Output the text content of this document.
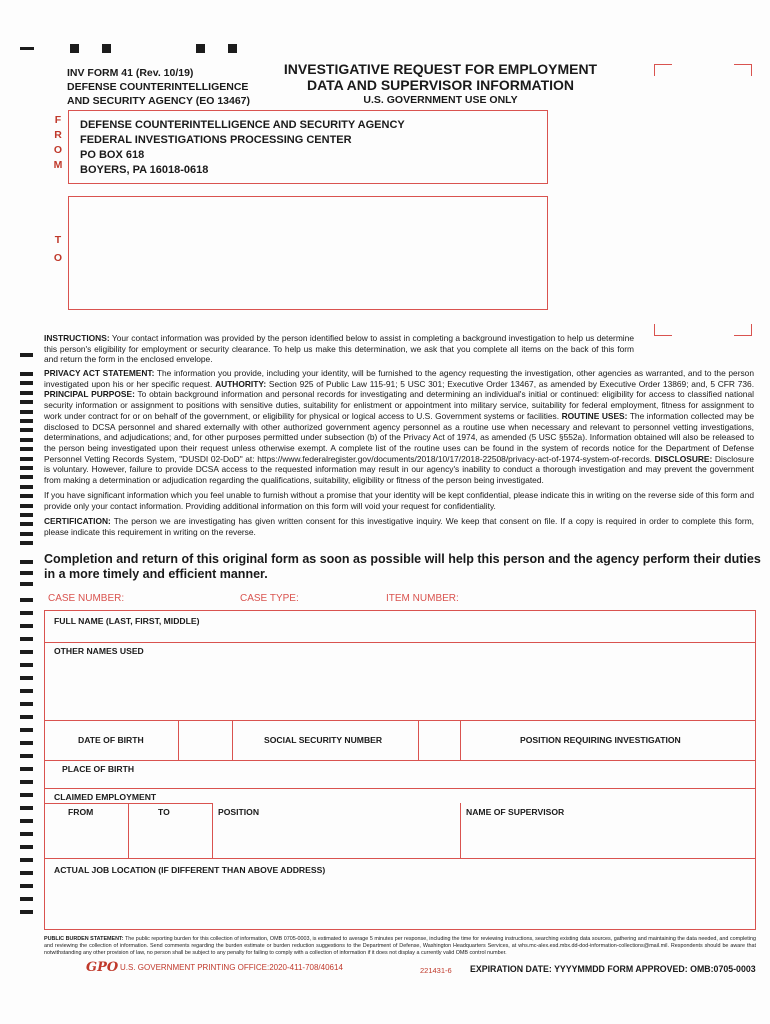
INV FORM 41 (Rev. 10/19)
DEFENSE COUNTERINTELLIGENCE
AND SECURITY AGENCY (EO 13467)
INVESTIGATIVE REQUEST FOR EMPLOYMENT
DATA AND SUPERVISOR INFORMATION
U.S. GOVERNMENT USE ONLY
F
R
O
M
DEFENSE COUNTERINTELLIGENCE AND SECURITY AGENCY
FEDERAL INVESTIGATIONS PROCESSING CENTER
PO BOX 618
BOYERS, PA 16018-0618
T
O
INSTRUCTIONS: Your contact information was provided by the person identified below to assist in completing a background investigation to help us determine this person's eligibility for employment or security clearance. To help us make this determination, we ask that you complete all items on the back of this form and return the form in the enclosed envelope.
PRIVACY ACT STATEMENT: The information you provide, including your identity, will be furnished to the agency requesting the investigation, other agencies as warranted, and to the person investigated upon his or her specific request. AUTHORITY: Section 925 of Public Law 115-91; 5 USC 301; Executive Order 13467, as amended by Executive Order 13869; and, 5 CFR 736. PRINCIPAL PURPOSE: To obtain background information and personal records for investigating and determining an individual's initial or continued: eligibility for access to classified national security information or assignment to positions with sensitive duties, suitability for enlistment or appointment into military service, suitability for federal employment, fitness for assignment to work under contract for or on behalf of the government, or eligibility for physical or logical access to U.S. Government systems or facilities. ROUTINE USES: The information collected may be disclosed to DCSA personnel and shared externally with other authorized government agency personnel as a routine use when necessary and relevant to personnel vetting investigations, determinations, and adjudications; and, for other purposes permitted under subsection (b) of the Privacy Act of 1974, as amended (5 USC §552a). Information obtained will also be released to the person being investigated upon their request unless otherwise exempt. A complete list of the routine uses can be found in the system of records notice for the Department of Defense Personnel Vetting Records System, "DUSDI 02-DoD" at: https://www.federalregister.gov/documents/2018/10/17/2018-22508/privacy-act-of-1974-system-of-records. DISCLOSURE: Disclosure is voluntary. However, failure to provide DCSA access to the requested information may result in our agency's inability to conduct a thorough investigation and may prevent the government from making a determination or adjudication regarding the qualifications, suitability, eligibility or fitness of the person being investigated.
If you have significant information which you feel unable to furnish without a promise that your identity will be kept confidential, please indicate this in writing on the reverse side of this form and provide only your contact information. Providing additional information on this form will void your request for confidentiality.
CERTIFICATION: The person we are investigating has given written consent for this investigative inquiry. We keep that consent on file. If a copy is required in order to complete this form, please indicate this requirement in writing on the reverse.
Completion and return of this original form as soon as possible will help this person and the agency perform their duties
in a more timely and efficient manner.
CASE NUMBER:	CASE TYPE:	ITEM NUMBER:
FULL NAME (LAST, FIRST, MIDDLE)
OTHER NAMES USED
DATE OF BIRTH	SOCIAL SECURITY NUMBER	POSITION REQUIRING INVESTIGATION
PLACE OF BIRTH
CLAIMED EMPLOYMENT
FROM	TO	POSITION	NAME OF SUPERVISOR
ACTUAL JOB LOCATION (IF DIFFERENT THAN ABOVE ADDRESS)
PUBLIC BURDEN STATEMENT: The public reporting burden for this collection of information, OMB 0705-0003, is estimated to average 5 minutes per response, including the time for reviewing instructions, searching existing data sources, gathering and maintaining the data needed, and completing and reviewing the collection of information. Send comments regarding the burden estimate or burden reduction suggestions to the Department of Defense, Washington Headquarters Services, at whs.mc-alex.esd.mbx.dd-dod-information-collections@mail.mil. Respondents should be aware that notwithstanding any other provision of law, no person shall be subject to any penalty for failing to comply with a collection of information if it does not display a currently valid OMB control number.
GPO U.S. GOVERNMENT PRINTING OFFICE:2020-411-708/40614	221431-6 EXPIRATION DATE: YYYYMMDD FORM APPROVED: OMB:0705-0003
